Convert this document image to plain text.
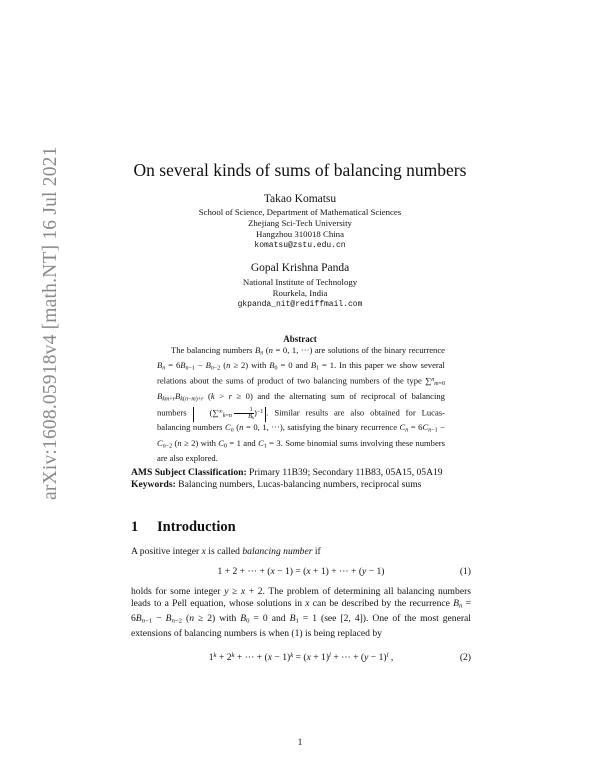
arXiv:1608.05918v4 [math.NT] 16 Jul 2021	On several kinds of sums of balancing numbers
Takao Komatsu
School of Science, Department of Mathematical Sciences
Zhejiang Sci-Tech University
Hangzhou 310018 China
komatsu@zstu.edu.cn
Gopal Krishna Panda
National Institute of Technology
Rourkela, India
gkpanda_nit@rediffmail.com
Abstract

The balancing numbers $B_n$ (n = 0, 1, ···) are solutions of the binary recurrence $B_n = 6B_{n-1} - B_{n-2}$ (n ≥ 2) with $B_0 = 0$ and $B_1 = 1$. In this paper we show several relations about the sums of product of two balancing numbers of the type ∑$^n_{m=0}$ $B_{km+r}B_{k(n-m)+r}$ (k > r ≥ 0) and the alternating sum of reciprocal of balancing numbers $(\sum^\infty_{k=n} \frac{1}{B_k} )^{-1}$ . Similar results are also obtained for Lucas-balancing numbers $C_n$ (n = 0, 1, ···), satisfying the binary recurrence $C_n = 6C_{n-1} - C_{n-2}$ (n ≥ 2) with $C_0 = 1$ and $C_1 = 3$. Some binomial sums involving these numbers are also explored.

AMS Subject Classification: Primary 11B39; Secondary 11B83, 05A15, 05A19
Keywords: Balancing numbers, Lucas-balancing numbers, reciprocal sums
1 Introduction

A positive integer x is called balancing number if

1 + 2 + ··· + (x − 1) = (x + 1) + ··· + (y − 1)	(1)

holds for some integer y ≥ x + 2. The problem of determining all balancing numbers leads to a Pell equation, whose solutions in x can be described by the recurrence $B_n = 6B_{n-1} - B_{n-2}$ (n ≥ 2) with $B_0 = 0$ and $B_1 = 1$ (see [2, 4]). One of the most general extensions of balancing numbers is when (1) is being replaced by

$1^k + 2^k$ + ··· + $(x - 1)^k = (x + 1)^l$ + ··· + $(y - 1)^l$ ,	(2)
1
